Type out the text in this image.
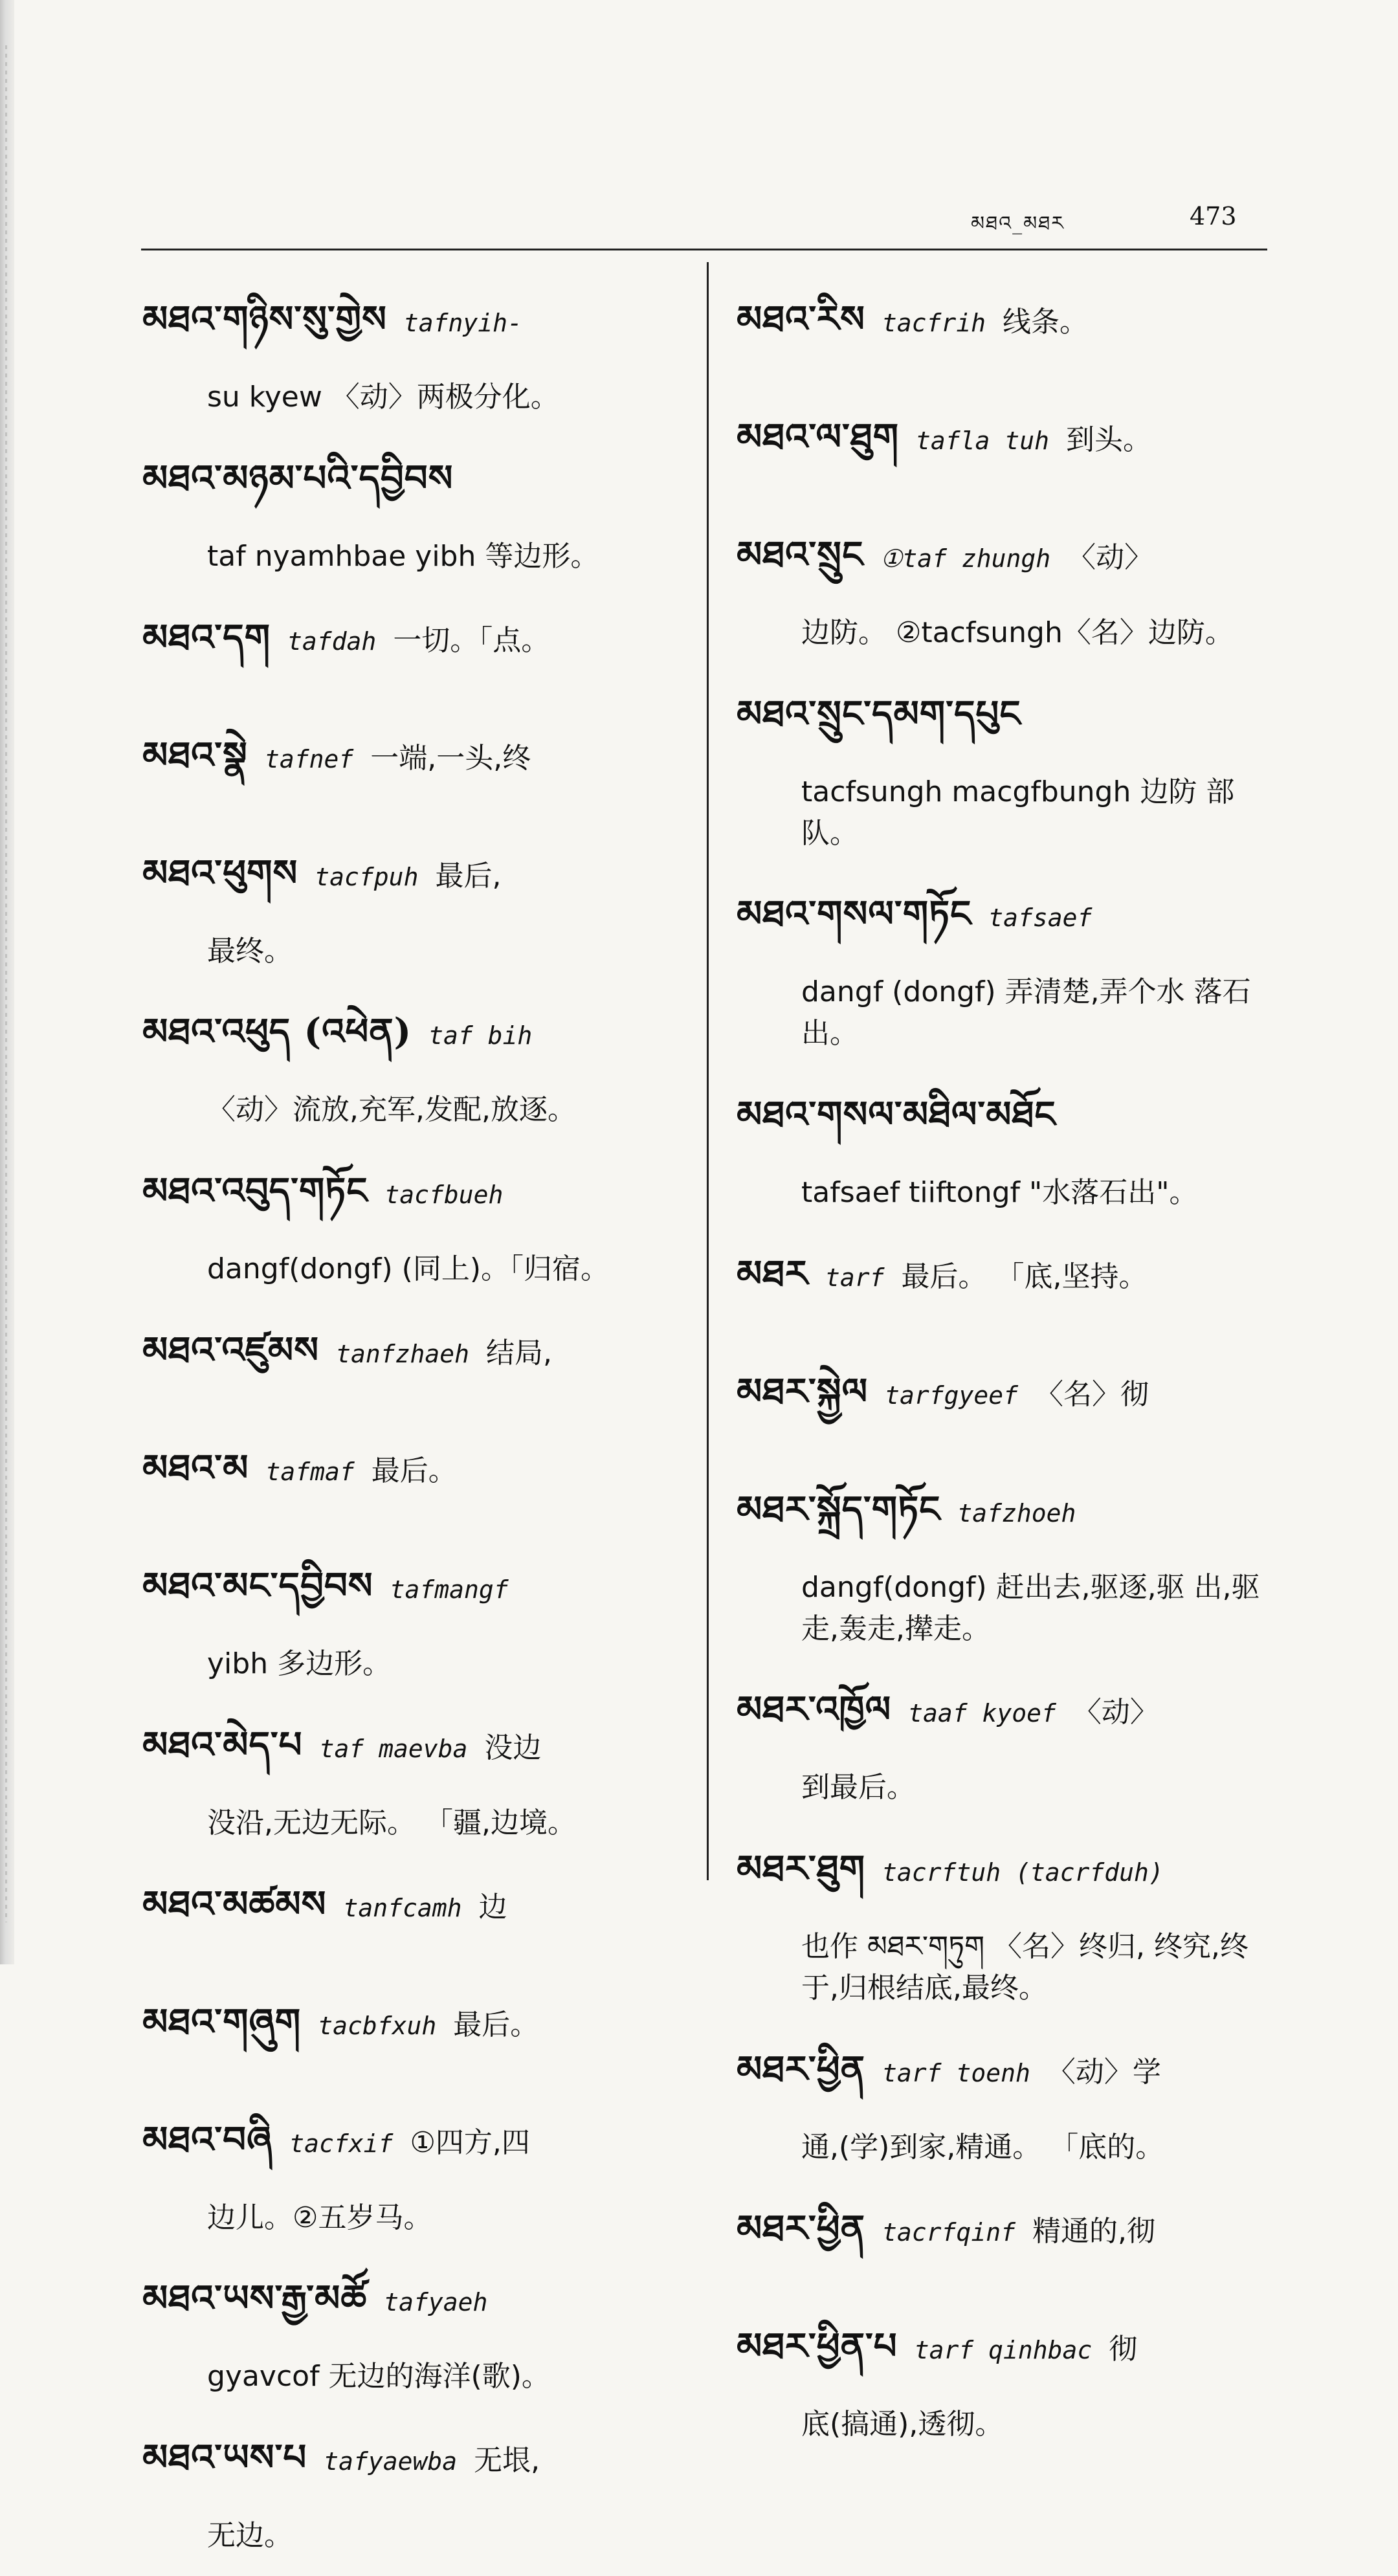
མཐའ_མཐར	473
མཐའ་གཉིས་སུ་གྱེས tafnyih-
su kyew 〈动〉两极分化。
མཐའ་མཉམ་པའི་དབྱིབས
taf nyamhbae yibh 等边形。
མཐའ་དག tafdah 一切。「点。
མཐའ་སྣེ tafnef 一端,一头,终
མཐའ་ཕུགས tacfpuh 最后,
最终。
མཐའ་འཕུད (འཕེན) taf bih
〈动〉流放,充军,发配,放逐。
མཐའ་འབུད་གཏོང tacfbueh
dangf(dongf) (同上)。「归宿。
མཐའ་འཛུམས tanfzhaeh 结局,
མཐའ་མ tafmaf 最后。
མཐའ་མང་དབྱིབས tafmangf
yibh 多边形。
མཐའ་མེད་པ taf maevba 没边
没沿,无边无际。 「疆,边境。
མཐའ་མཚམས tanfcamh 边
མཐའ་གཞུག tacbfxuh 最后。
མཐའ་བཞི tacfxif ①四方,四
边儿。②五岁马。
མཐའ་ཡས་རྒྱ་མཚོ tafyaeh
gyavcof 无边的海洋(歌)。
མཐའ་ཡས་པ tafyaewba 无垠,
无边。
མཐའ་རིས tacfrih 线条。
མཐའ་ལ་ཐུག tafla tuh 到头。
མཐའ་སྲུང ①taf zhungh 〈动〉
边防。 ②tacfsungh〈名〉边防。
མཐའ་སྲུང་དམག་དཔུང
tacfsungh macgfbungh 边防 部队。
མཐའ་གསལ་གཏོང tafsaef
dangf (dongf) 弄清楚,弄个水 落石出。
མཐའ་གསལ་མཐིལ་མཐོང
tafsaef tiiftongf "水落石出"。
མཐར tarf 最后。 「底,坚持。
མཐར་སྐྱེལ tarfgyeef 〈名〉彻
མཐར་སྐྲོད་གཏོང tafzhoeh
dangf(dongf) 赶出去,驱逐,驱 出,驱走,轰走,撵走。
མཐར་འཁྱོལ taaf kyoef 〈动〉
到最后。
མཐར་ཐུག tacrftuh (tacrfduh)
也作 མཐར་གཏུག 〈名〉终归, 终究,终于,归根结底,最终。
མཐར་ཕྱིན tarf toenh 〈动〉学
通,(学)到家,精通。 「底的。
མཐར་ཕྱིན tacrfqinf 精通的,彻
མཐར་ཕྱིན་པ tarf qinhbac 彻
底(搞通),透彻。
